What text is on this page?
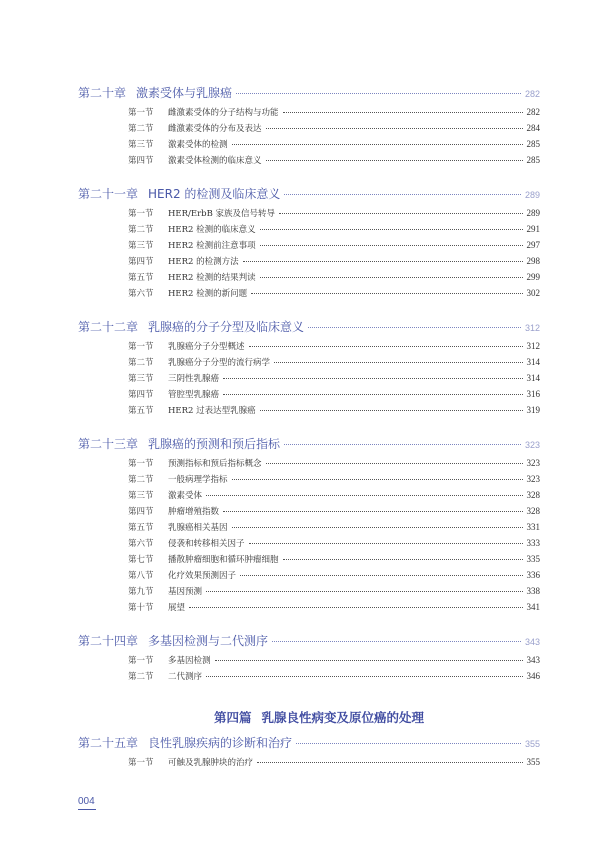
第二十章 激素受体与乳腺癌	282
第一节	雌激素受体的分子结构与功能	282
第二节	雌激素受体的分布及表达	284
第三节	激素受体的检测	285
第四节	激素受体检测的临床意义	285
第二十一章 HER2 的检测及临床意义	289
第一节	HER/ErbB 家族及信号转导	289
第二节	HER2 检测的临床意义	291
第三节	HER2 检测前注意事项	297
第四节	HER2 的检测方法	298
第五节	HER2 检测的结果判读	299
第六节	HER2 检测的新问题	302
第二十二章 乳腺癌的分子分型及临床意义	312
第一节	乳腺癌分子分型概述	312
第二节	乳腺癌分子分型的流行病学	314
第三节	三阴性乳腺癌	314
第四节	管腔型乳腺癌	316
第五节	HER2 过表达型乳腺癌	319
第二十三章 乳腺癌的预测和预后指标	323
第一节	预测指标和预后指标概念	323
第二节	一般病理学指标	323
第三节	激素受体	328
第四节	肿瘤增殖指数	328
第五节	乳腺癌相关基因	331
第六节	侵袭和转移相关因子	333
第七节	播散肿瘤细胞和循环肿瘤细胞	335
第八节	化疗效果预测因子	336
第九节	基因预测	338
第十节	展望	341
第二十四章 多基因检测与二代测序	343
第一节	多基因检测	343
第二节	二代测序	346
第四篇 乳腺良性病变及原位癌的处理
第二十五章 良性乳腺疾病的诊断和治疗	355
第一节	可触及乳腺肿块的治疗	355
004
